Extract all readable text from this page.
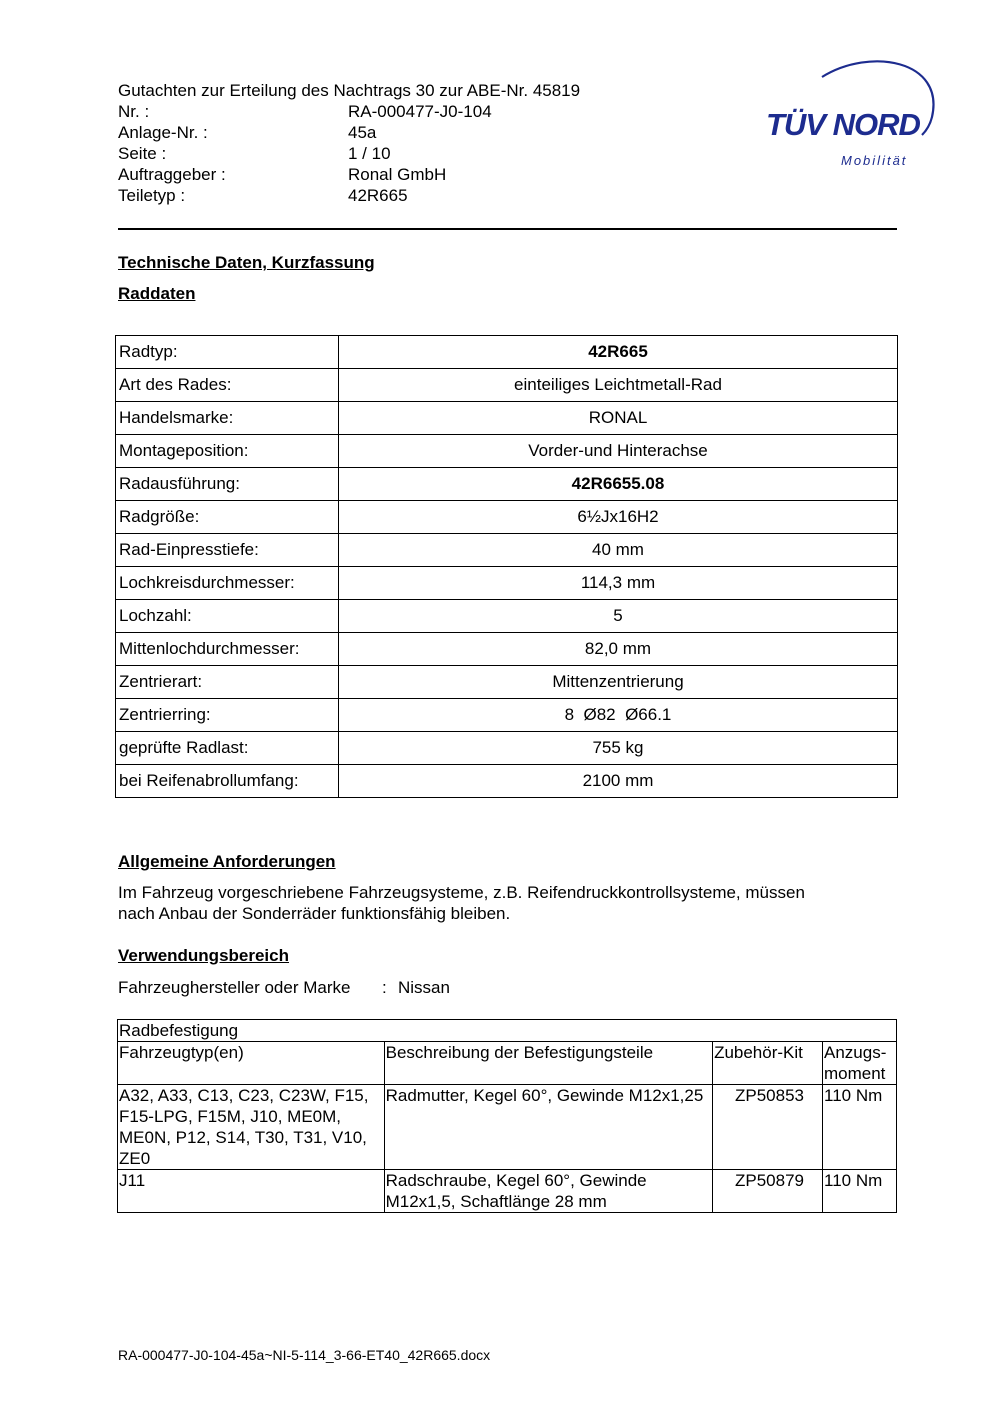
Gutachten zur Erteilung des Nachtrags 30 zur ABE-Nr. 45819
Nr. :	RA-000477-J0-104
Anlage-Nr. :	45a
Seite :	1 / 10
Auftraggeber :	Ronal GmbH
Teiletyp :	42R665
TÜV NORD
Mobilität
Technische Daten, Kurzfassung
Raddaten
Radtyp:	42R665
Art des Rades:	einteiliges Leichtmetall-Rad
Handelsmarke:	RONAL
Montageposition:	Vorder-und Hinterachse
Radausführung:	42R6655.08
Radgröße:	6½Jx16H2
Rad-Einpresstiefe:	40 mm
Lochkreisdurchmesser:	114,3 mm
Lochzahl:	5
Mittenlochdurchmesser:	82,0 mm
Zentrierart:	Mittenzentrierung
Zentrierring:	8  Ø82  Ø66.1
geprüfte Radlast:	755 kg
bei Reifenabrollumfang:	2100 mm
Allgemeine Anforderungen
Im Fahrzeug vorgeschriebene Fahrzeugsysteme, z.B. Reifendruckkontrollsysteme, müssen
nach Anbau der Sonderräder funktionsfähig bleiben.
Verwendungsbereich
Fahrzeughersteller oder Marke : Nissan
Radbefestigung			
Fahrzeugtyp(en)	Beschreibung der Befestigungsteile	Zubehör-Kit	Anzugs-
moment
A32, A33, C13, C23, C23W, F15, F15-LPG, F15M, J10, ME0M, ME0N, P12, S14, T30, T31, V10, ZE0	Radmutter, Kegel 60°, Gewinde M12x1,25	ZP50853	110 Nm
J11	Radschraube, Kegel 60°, Gewinde M12x1,5, Schaftlänge 28 mm	ZP50879	110 Nm
RA-000477-J0-104-45a~NI-5-114_3-66-ET40_42R665.docx
